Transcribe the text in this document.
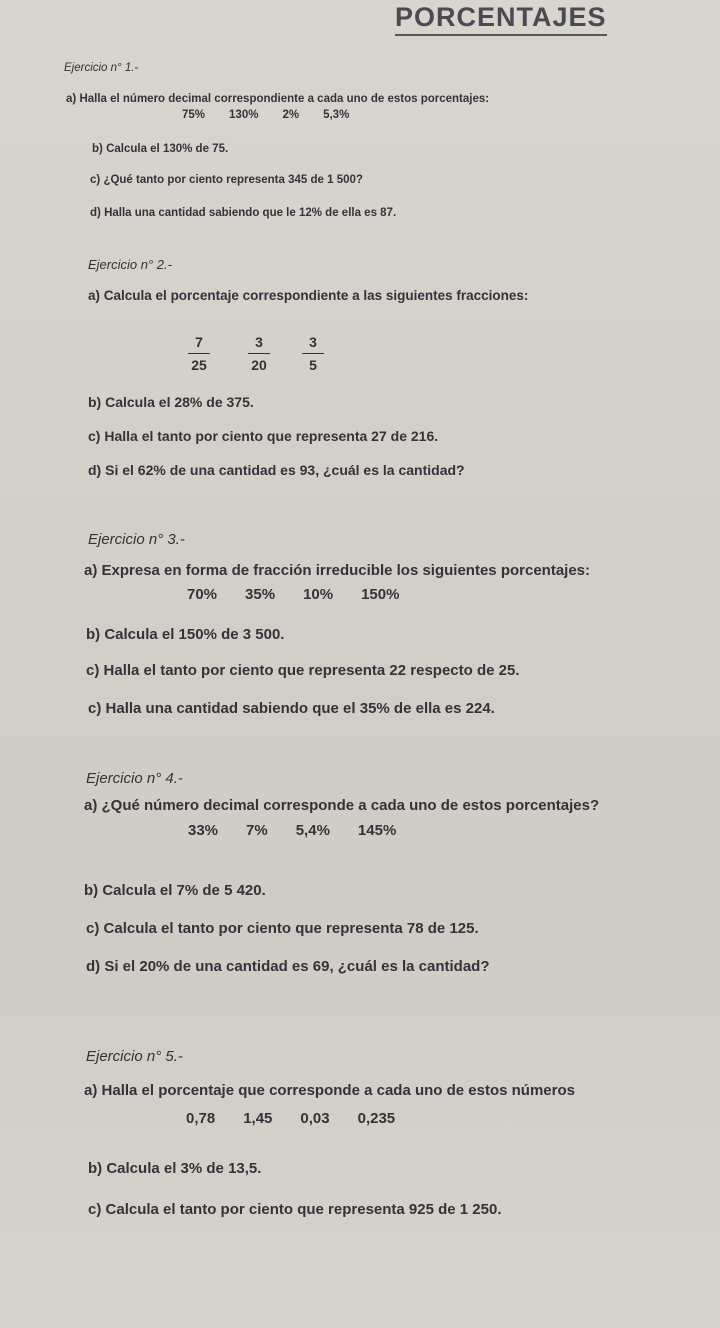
PORCENTAJES
Ejercicio n° 1.-
a) Halla el número decimal correspondiente a cada uno de estos porcentajes:
75% 130% 2% 5,3%
b) Calcula el 130% de 75.
c) ¿Qué tanto por ciento representa 345 de 1 500?
d) Halla una cantidad sabiendo que le 12% de ella es 87.
Ejercicio n° 2.-
a) Calcula el porcentaje correspondiente a las siguientes fracciones:
7
25
3
20
3
5
b) Calcula el 28% de 375.
c) Halla el tanto por ciento que representa 27 de 216.
d) Si el 62% de una cantidad es 93, ¿cuál es la cantidad?
Ejercicio n° 3.-
a) Expresa en forma de fracción irreducible los siguientes porcentajes:
70% 35% 10% 150%
b) Calcula el 150% de 3 500.
c) Halla el tanto por ciento que representa 22 respecto de 25.
c) Halla una cantidad sabiendo que el 35% de ella es 224.
Ejercicio n° 4.-
a) ¿Qué número decimal corresponde a cada uno de estos porcentajes?
33% 7% 5,4% 145%
b) Calcula el 7% de 5 420.
c) Calcula el tanto por ciento que representa 78 de 125.
d) Si el 20% de una cantidad es 69, ¿cuál es la cantidad?
Ejercicio n° 5.-
a) Halla el porcentaje que corresponde a cada uno de estos números
0,78 1,45 0,03 0,235
b) Calcula el 3% de 13,5.
c) Calcula el tanto por ciento que representa 925 de 1 250.
